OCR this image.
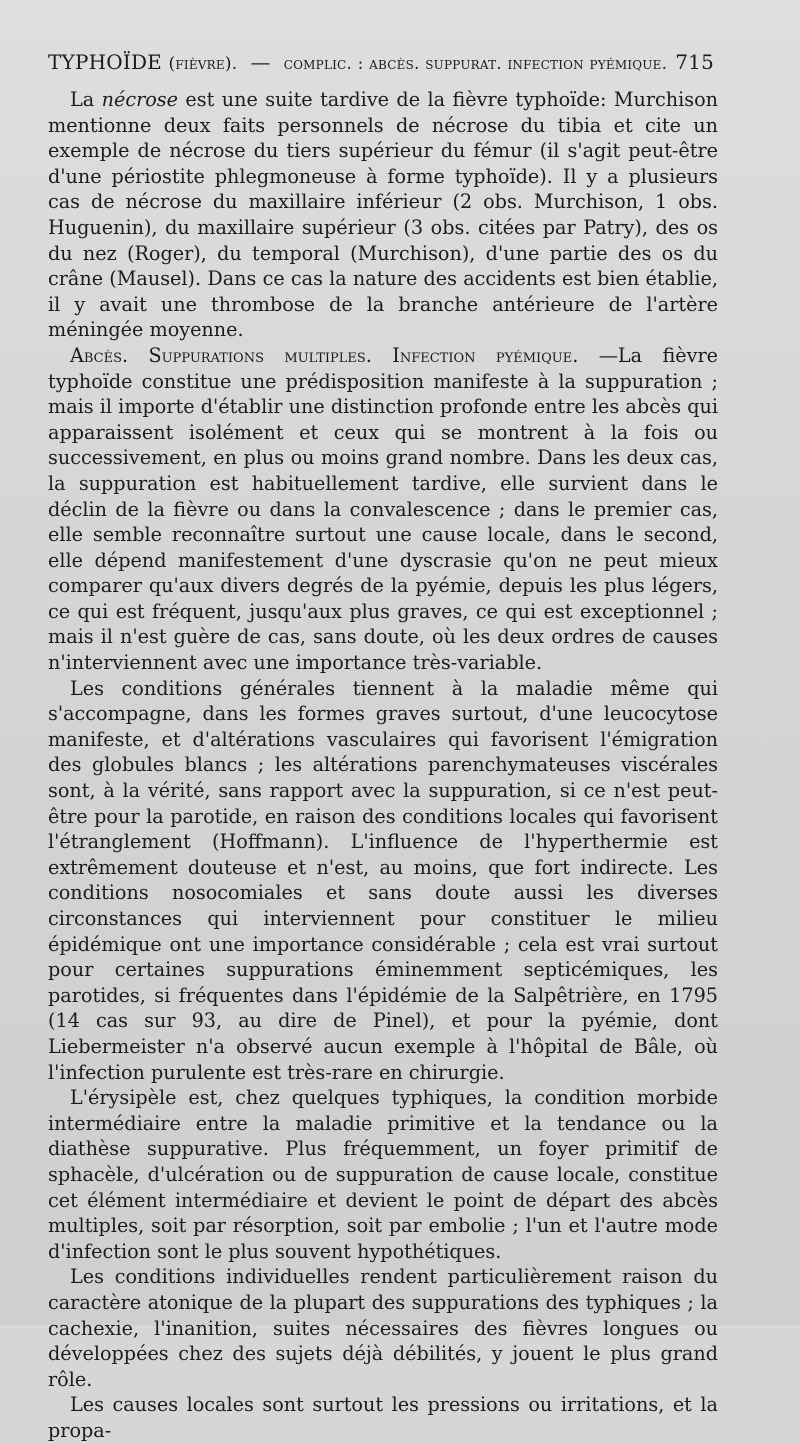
TYPHOÏDE
(fièvre).
—
complic. : abcès. suppurat. infection pyémique. 715

La nécrose est une suite tardive de la fièvre typhoïde: Murchison mentionne deux faits personnels de nécrose du tibia et cite un exemple de nécrose du tiers supérieur du fémur (il s'agit peut-être d'une périostite phlegmoneuse à forme typhoïde). Il y a plusieurs cas de nécrose du maxillaire inférieur (2 obs. Murchison, 1 obs. Huguenin), du maxillaire supérieur (3 obs. citées par Patry), des os du nez (Roger), du temporal (Murchison), d'une partie des os du crâne (Mausel). Dans ce cas la nature des accidents est bien établie, il y avait une thrombose de la branche antérieure de l'artère méningée moyenne.

Abcès. Suppurations multiples. Infection pyémique. —La fièvre typhoïde constitue une prédisposition manifeste à la suppuration ; mais il importe d'établir une distinction profonde entre les abcès qui apparaissent isolément et ceux qui se montrent à la fois ou successivement, en plus ou moins grand nombre. Dans les deux cas, la suppuration est habituellement tardive, elle survient dans le déclin de la fièvre ou dans la convalescence ; dans le premier cas, elle semble reconnaître surtout une cause locale, dans le second, elle dépend manifestement d'une dyscrasie qu'on ne peut mieux comparer qu'aux divers degrés de la pyémie, depuis les plus légers, ce qui est fréquent, jusqu'aux plus graves, ce qui est exceptionnel ; mais il n'est guère de cas, sans doute, où les deux ordres de causes n'interviennent avec une importance très-variable.

Les conditions générales tiennent à la maladie même qui s'accompagne, dans les formes graves surtout, d'une leucocytose manifeste, et d'altérations vasculaires qui favorisent l'émigration des globules blancs ; les altérations parenchymateuses viscérales sont, à la vérité, sans rapport avec la suppuration, si ce n'est peut-être pour la parotide, en raison des conditions locales qui favorisent l'étranglement (Hoffmann). L'influence de l'hyperthermie est extrêmement douteuse et n'est, au moins, que fort indirecte. Les conditions nosocomiales et sans doute aussi les diverses circonstances qui interviennent pour constituer le milieu épidémique ont une importance considérable ; cela est vrai surtout pour certaines suppurations éminemment septicémiques, les parotides, si fréquentes dans l'épidémie de la Salpêtrière, en 1795 (14 cas sur 93, au dire de Pinel), et pour la pyémie, dont Liebermeister n'a observé aucun exemple à l'hôpital de Bâle, où l'infection purulente est très-rare en chirurgie.

L'érysipèle est, chez quelques typhiques, la condition morbide intermédiaire entre la maladie primitive et la tendance ou la diathèse suppurative. Plus fréquemment, un foyer primitif de sphacèle, d'ulcération ou de suppuration de cause locale, constitue cet élément intermédiaire et devient le point de départ des abcès multiples, soit par résorption, soit par embolie ; l'un et l'autre mode d'infection sont le plus souvent hypothétiques.

Les conditions individuelles rendent particulièrement raison du caractère atonique de la plupart des suppurations des typhiques ; la cachexie, l'inanition, suites nécessaires des fièvres longues ou développées chez des sujets déjà débilités, y jouent le plus grand rôle.

Les causes locales sont surtout les pressions ou irritations, et la propa-
